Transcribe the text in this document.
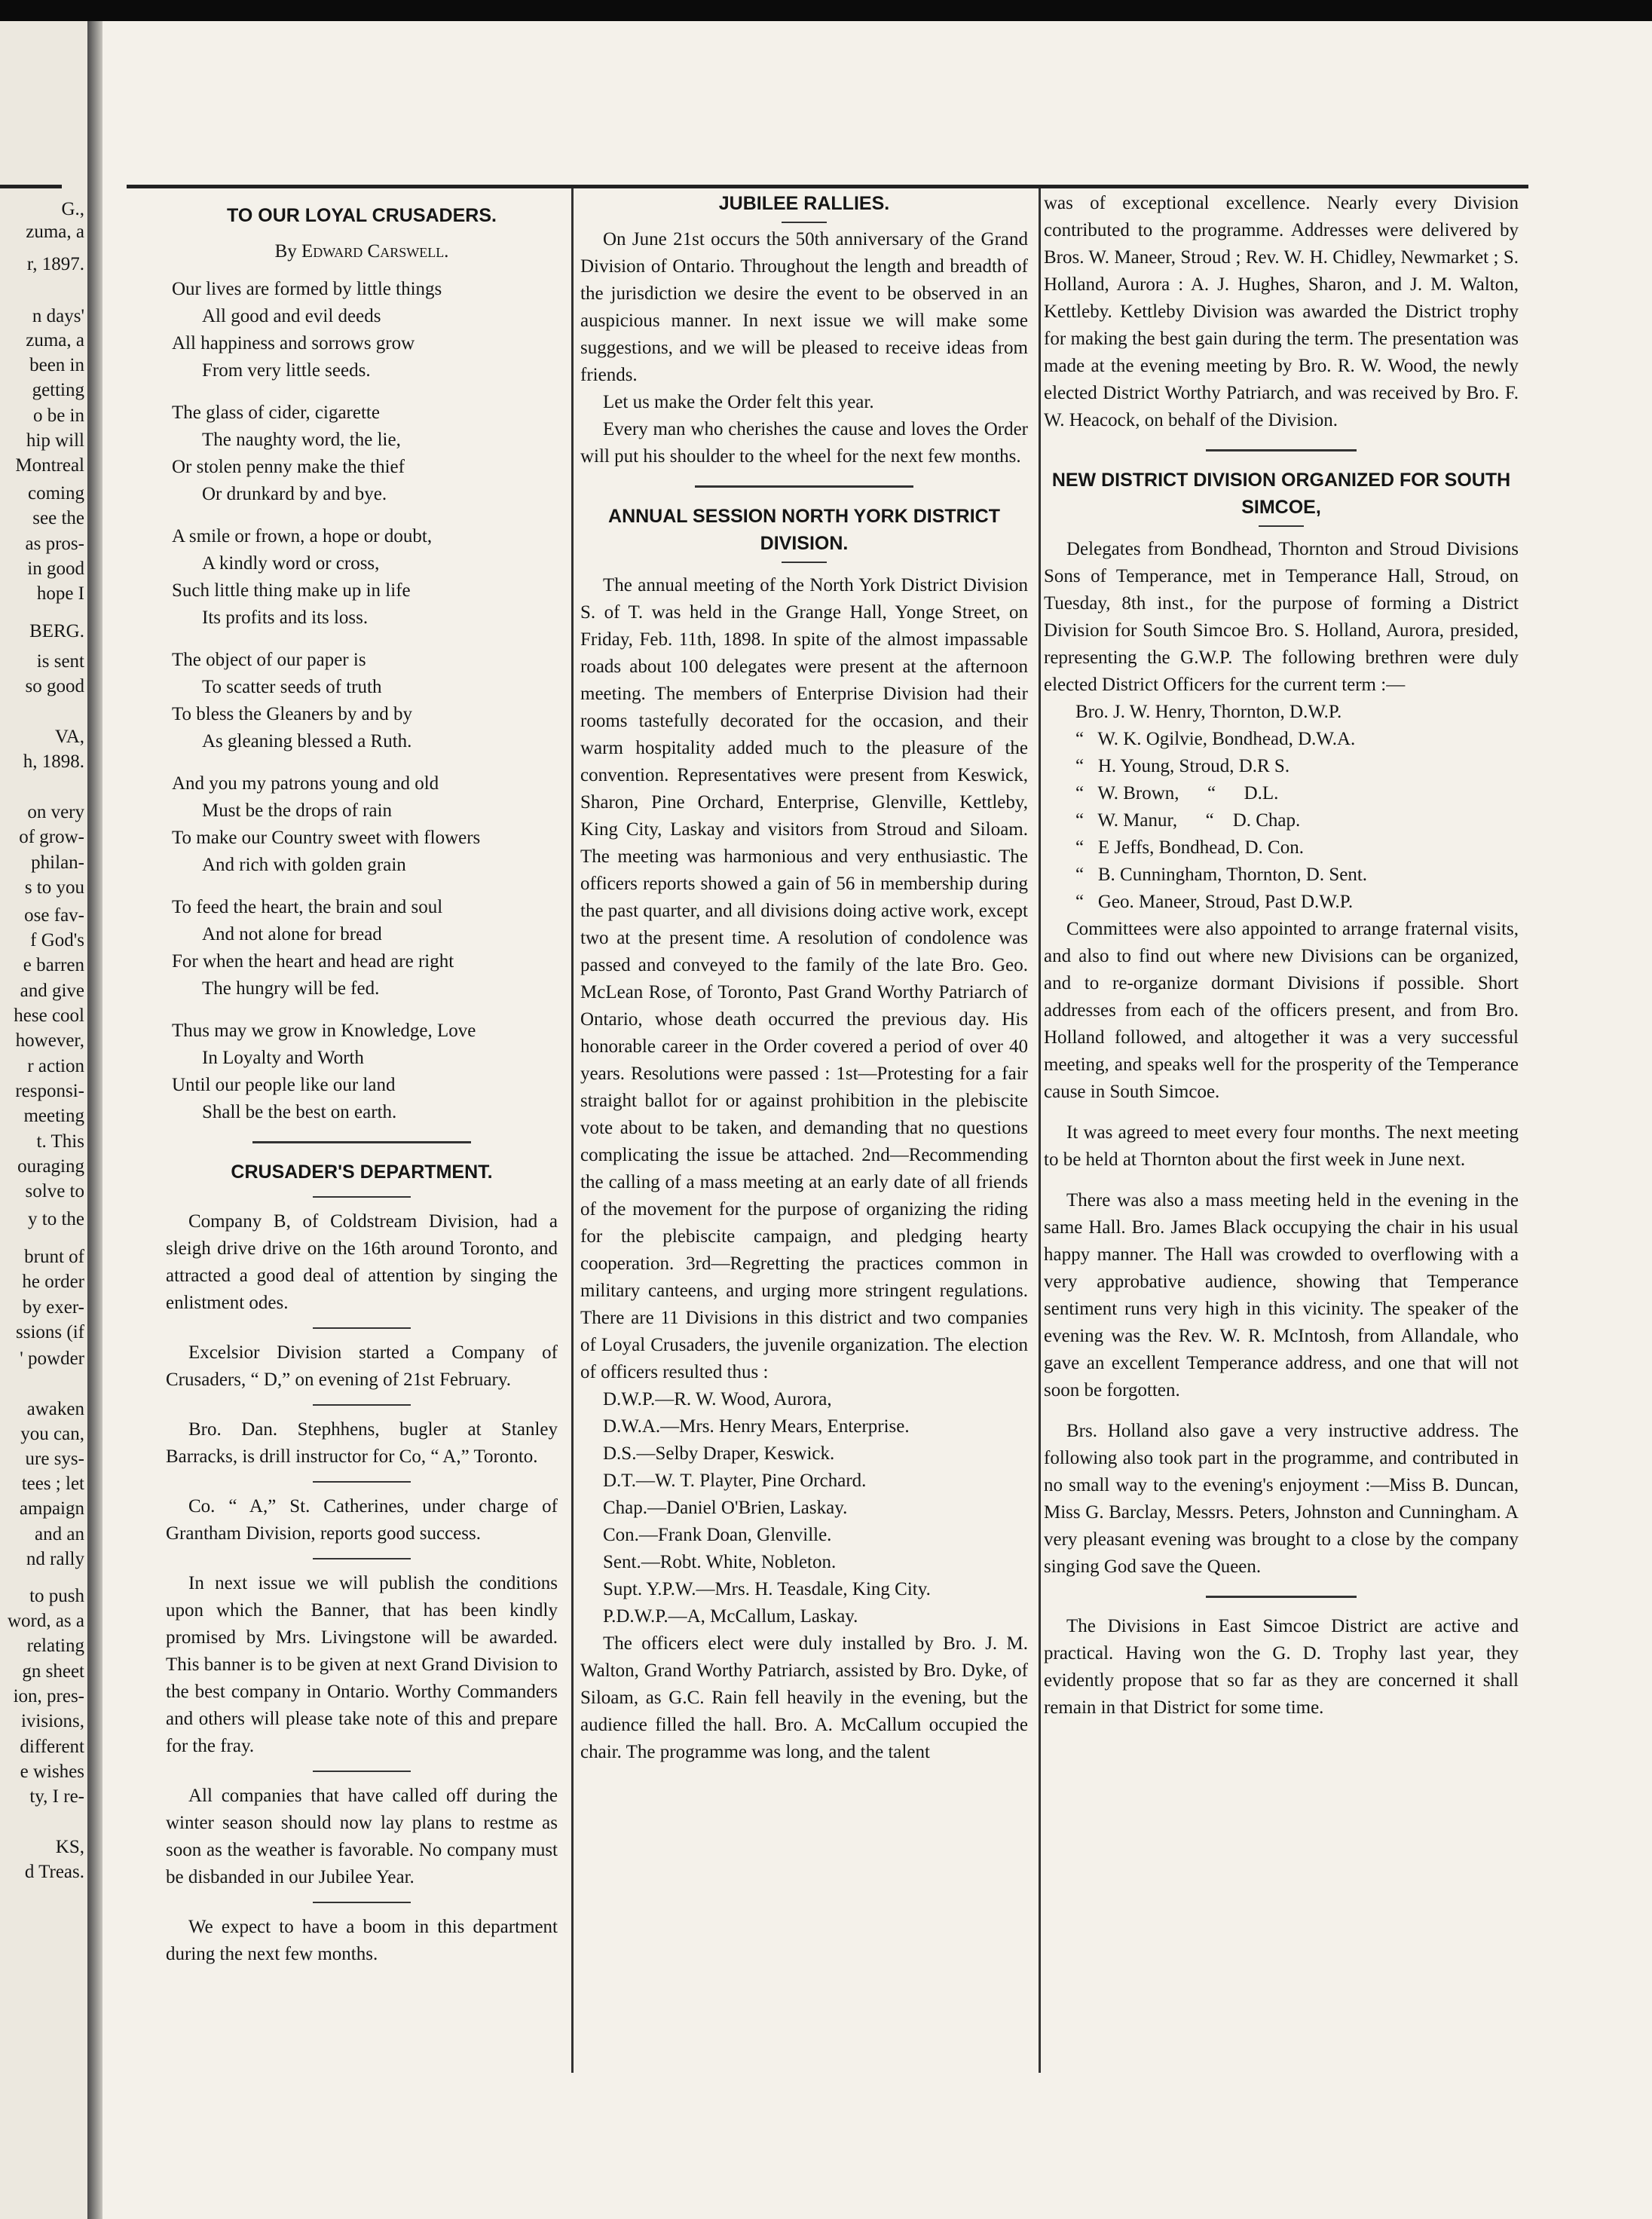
G.,
zuma, a
r, 1897.
n days'
zuma, a
been in
getting
o be in
hip will
Montreal
coming
see the
as pros-
in good
hope I
BERG.
is sent
so good
VA,
h, 1898.
on very
of grow-
philan-
s to you
ose fav-
f God's
e barren
and give
hese cool
however,
r action
responsi-
meeting
t. This
ouraging
solve to
y to the
brunt of
he order
by exer-
ssions (if
' powder
awaken
you can,
ure sys-
tees ; let
ampaign
and an
nd rally
to push
word, as a
relating
gn sheet
ion, pres-
ivisions,
different
e wishes
ty, I re-
KS,
d Treas.
TO OUR LOYAL CRUSADERS.
By Edward Carswell.
Our lives are formed by little things
All good and evil deeds
All happiness and sorrows grow
From very little seeds.
The glass of cider, cigarette
The naughty word, the lie,
Or stolen penny make the thief
Or drunkard by and bye.
A smile or frown, a hope or doubt,
A kindly word or cross,
Such little thing make up in life
Its profits and its loss.
The object of our paper is
To scatter seeds of truth
To bless the Gleaners by and by
As gleaning blessed a Ruth.
And you my patrons young and old
Must be the drops of rain
To make our Country sweet with flowers
And rich with golden grain
To feed the heart, the brain and soul
And not alone for bread
For when the heart and head are right
The hungry will be fed.
Thus may we grow in Knowledge, Love
In Loyalty and Worth
Until our people like our land
Shall be the best on earth.
CRUSADER'S DEPARTMENT.

Company B, of Coldstream Division, had a sleigh drive drive on the 16th around Toronto, and attracted a good deal of attention by singing the enlistment odes.

Excelsior Division started a Company of Crusaders, “ D,” on evening of 21st February.

Bro. Dan. Stephhens, bugler at Stanley Barracks, is drill instructor for Co, “ A,” Toronto.

Co. “ A,” St. Catherines, under charge of Grantham Division, reports good success.

In next issue we will publish the conditions upon which the Banner, that has been kindly promised by Mrs. Livingstone will be awarded. This banner is to be given at next Grand Division to the best company in Ontario. Worthy Commanders and others will please take note of this and prepare for the fray.

All companies that have called off during the winter season should now lay plans to restme as soon as the weather is favorable. No company must be disbanded in our Jubilee Year.

We expect to have a boom in this department during the next few months.

JUBILEE RALLIES.

On June 21st occurs the 50th anniversary of the Grand Division of Ontario. Throughout the length and breadth of the jurisdiction we desire the event to be observed in an auspicious manner. In next issue we will make some suggestions, and we will be pleased to receive ideas from friends.

Let us make the Order felt this year.

Every man who cherishes the cause and loves the Order will put his shoulder to the wheel for the next few months.

ANNUAL SESSION NORTH YORK DISTRICT DIVISION.

The annual meeting of the North York District Division S. of T. was held in the Grange Hall, Yonge Street, on Friday, Feb. 11th, 1898. In spite of the almost impassable roads about 100 delegates were present at the afternoon meeting. The members of Enterprise Division had their rooms tastefully decorated for the occasion, and their warm hospitality added much to the pleasure of the convention. Representatives were present from Keswick, Sharon, Pine Orchard, Enterprise, Glenville, Kettleby, King City, Laskay and visitors from Stroud and Siloam. The meeting was harmonious and very enthusiastic. The officers reports showed a gain of 56 in membership during the past quarter, and all divisions doing active work, except two at the present time. A resolution of condolence was passed and conveyed to the family of the late Bro. Geo. McLean Rose, of Toronto, Past Grand Worthy Patriarch of Ontario, whose death occurred the previous day. His honorable career in the Order covered a period of over 40 years. Resolutions were passed : 1st—Protesting for a fair straight ballot for or against prohibition in the plebiscite vote about to be taken, and demanding that no questions complicating the issue be attached. 2nd—Recommending the calling of a mass meeting at an early date of all friends of the movement for the purpose of organizing the riding for the plebiscite campaign, and pledging hearty cooperation. 3rd—Regretting the practices common in military canteens, and urging more stringent regulations. There are 11 Divisions in this district and two companies of Loyal Crusaders, the juvenile organization. The election of officers resulted thus :

D.W.P.—R. W. Wood, Aurora,
D.W.A.—Mrs. Henry Mears, Enterprise.
D.S.—Selby Draper, Keswick.
D.T.—W. T. Playter, Pine Orchard.
Chap.—Daniel O'Brien, Laskay.
Con.—Frank Doan, Glenville.
Sent.—Robt. White, Nobleton.
Supt. Y.P.W.—Mrs. H. Teasdale, King City.
P.D.W.P.—A, McCallum, Laskay.

The officers elect were duly installed by Bro. J. M. Walton, Grand Worthy Patriarch, assisted by Bro. Dyke, of Siloam, as G.C. Rain fell heavily in the evening, but the audience filled the hall. Bro. A. McCallum occupied the chair. The programme was long, and the talent

was of exceptional excellence. Nearly every Division contributed to the programme. Addresses were delivered by Bros. W. Maneer, Stroud ; Rev. W. H. Chidley, Newmarket ; S. Holland, Aurora : A. J. Hughes, Sharon, and J. M. Walton, Kettleby. Kettleby Division was awarded the District trophy for making the best gain during the term. The presentation was made at the evening meeting by Bro. R. W. Wood, the newly elected District Worthy Patriarch, and was received by Bro. F. W. Heacock, on behalf of the Division.

NEW DISTRICT DIVISION ORGANIZED FOR SOUTH SIMCOE,

Delegates from Bondhead, Thornton and Stroud Divisions Sons of Temperance, met in Temperance Hall, Stroud, on Tuesday, 8th inst., for the purpose of forming a District Division for South Simcoe Bro. S. Holland, Aurora, presided, representing the G.W.P. The following brethren were duly elected District Officers for the current term :—

Bro. J. W. Henry, Thornton, D.W.P.
“   W. K. Ogilvie, Bondhead, D.W.A.
“   H. Young, Stroud, D.R S.
“   W. Brown,      “      D.L.
“   W. Manur,      “    D. Chap.
“   E Jeffs, Bondhead, D. Con.
“   B. Cunningham, Thornton, D. Sent.
“   Geo. Maneer, Stroud, Past D.W.P.

Committees were also appointed to arrange fraternal visits, and also to find out where new Divisions can be organized, and to re-organize dormant Divisions if possible. Short addresses from each of the officers present, and from Bro. Holland followed, and altogether it was a very successful meeting, and speaks well for the prosperity of the Temperance cause in South Simcoe.

It was agreed to meet every four months. The next meeting to be held at Thornton about the first week in June next.

There was also a mass meeting held in the evening in the same Hall. Bro. James Black occupying the chair in his usual happy manner. The Hall was crowded to overflowing with a very approbative audience, showing that Temperance sentiment runs very high in this vicinity. The speaker of the evening was the Rev. W. R. McIntosh, from Allandale, who gave an excellent Temperance address, and one that will not soon be forgotten.

Brs. Holland also gave a very instructive address. The following also took part in the programme, and contributed in no small way to the evening's enjoyment :—Miss B. Duncan, Miss G. Barclay, Messrs. Peters, Johnston and Cunningham. A very pleasant evening was brought to a close by the company singing God save the Queen.

The Divisions in East Simcoe District are active and practical. Having won the G. D. Trophy last year, they evidently propose that so far as they are concerned it shall remain in that District for some time.
